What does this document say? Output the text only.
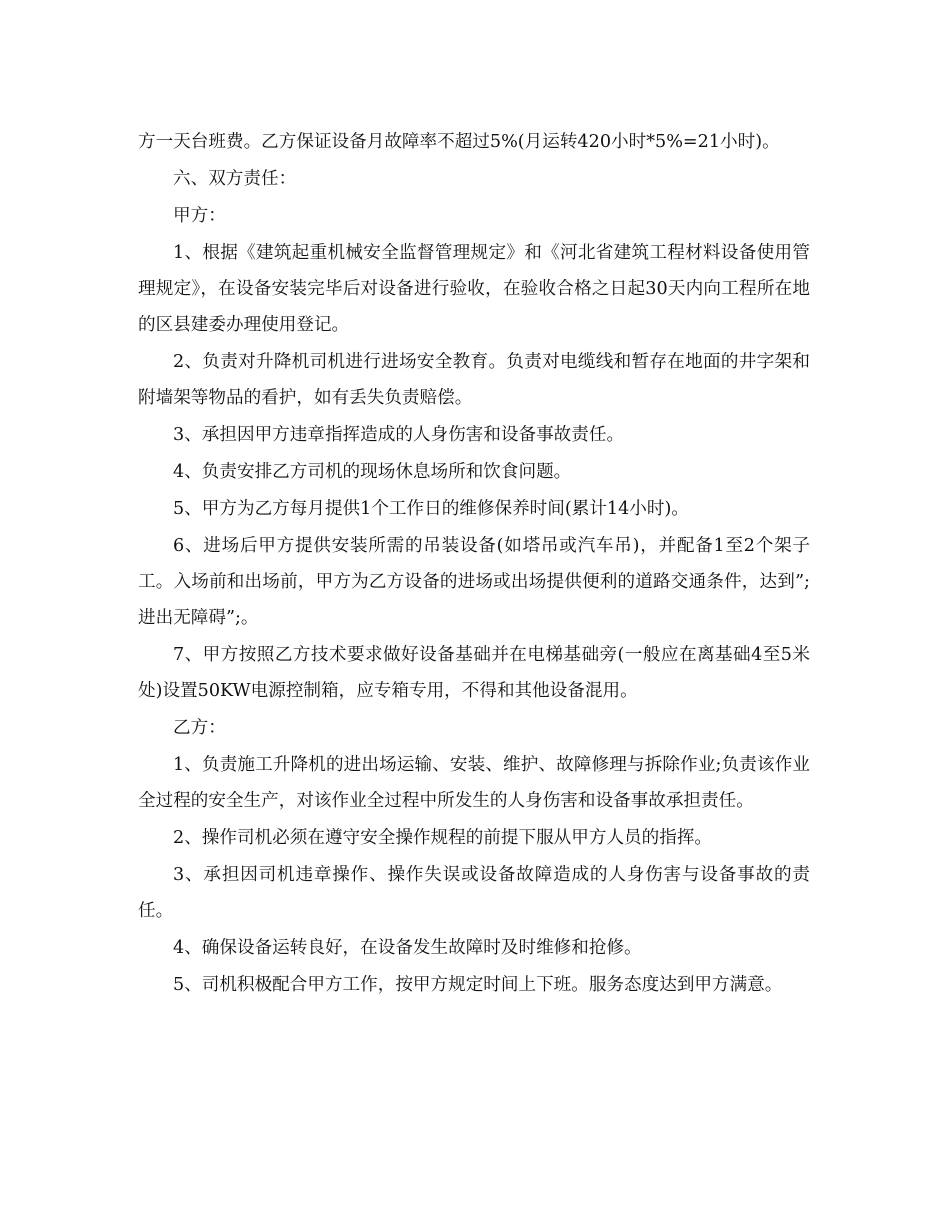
方一天台班费。乙方保证设备月故障率不超过5%(月运转420小时*5%=21小时)。

六、双方责任：

甲方：

1、根据《建筑起重机械安全监督管理规定》和《河北省建筑工程材料设备使用管理规定》，在设备安装完毕后对设备进行验收，在验收合格之日起30天内向工程所在地的区县建委办理使用登记。

2、负责对升降机司机进行进场安全教育。负责对电缆线和暂存在地面的井字架和附墙架等物品的看护，如有丢失负责赔偿。

3、承担因甲方违章指挥造成的人身伤害和设备事故责任。

4、负责安排乙方司机的现场休息场所和饮食问题。

5、甲方为乙方每月提供1个工作日的维修保养时间(累计14小时)。

6、进场后甲方提供安装所需的吊装设备(如塔吊或汽车吊)，并配备1至2个架子工。入场前和出场前，甲方为乙方设备的进场或出场提供便利的道路交通条件，达到”;进出无障碍”;。

7、甲方按照乙方技术要求做好设备基础并在电梯基础旁(一般应在离基础4至5米处)设置50KW电源控制箱，应专箱专用，不得和其他设备混用。

乙方：

1、负责施工升降机的进出场运输、安装、维护、故障修理与拆除作业;负责该作业全过程的安全生产，对该作业全过程中所发生的人身伤害和设备事故承担责任。

2、操作司机必须在遵守安全操作规程的前提下服从甲方人员的指挥。

3、承担因司机违章操作、操作失误或设备故障造成的人身伤害与设备事故的责任。

4、确保设备运转良好，在设备发生故障时及时维修和抢修。

5、司机积极配合甲方工作，按甲方规定时间上下班。服务态度达到甲方满意。
